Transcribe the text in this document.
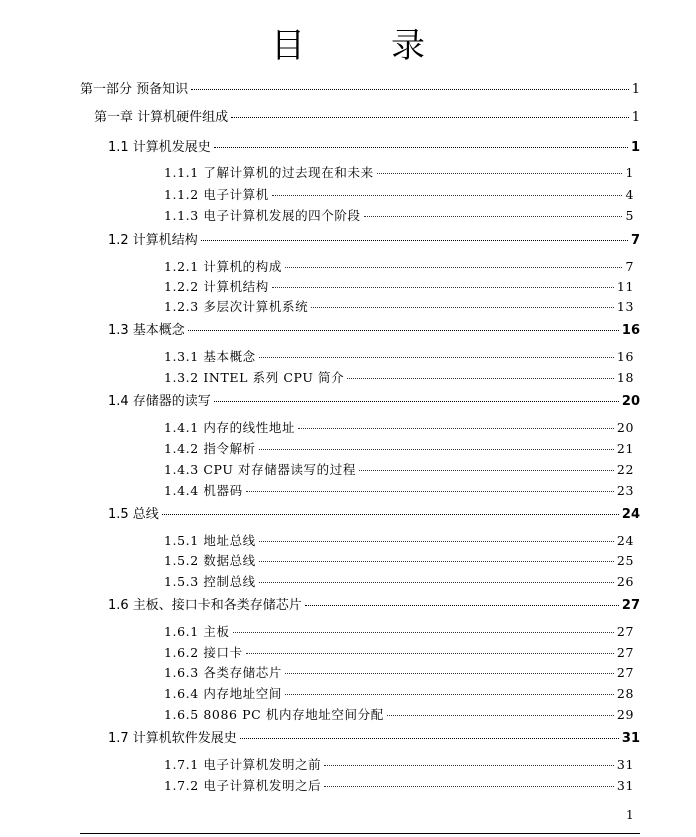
目	录
第一部分 预备知识	1
第一章 计算机硬件组成	1
1.1 计算机发展史	1
1.1.1 了解计算机的过去现在和未来	1
1.1.2 电子计算机	4
1.1.3 电子计算机发展的四个阶段	5
1.2 计算机结构	7
1.2.1 计算机的构成	7
1.2.2 计算机结构	11
1.2.3 多层次计算机系统	13
1.3 基本概念	16
1.3.1 基本概念	16
1.3.2 INTEL 系列 CPU 简介	18
1.4 存储器的读写	20
1.4.1 内存的线性地址	20
1.4.2 指令解析	21
1.4.3 CPU 对存储器读写的过程	22
1.4.4 机器码	23
1.5 总线	24
1.5.1 地址总线	24
1.5.2 数据总线	25
1.5.3 控制总线	26
1.6 主板、接口卡和各类存储芯片	27
1.6.1 主板	27
1.6.2 接口卡	27
1.6.3 各类存储芯片	27
1.6.4 内存地址空间	28
1.6.5 8086 PC 机内存地址空间分配	29
1.7 计算机软件发展史	31
1.7.1 电子计算机发明之前	31
1.7.2 电子计算机发明之后	31
1
